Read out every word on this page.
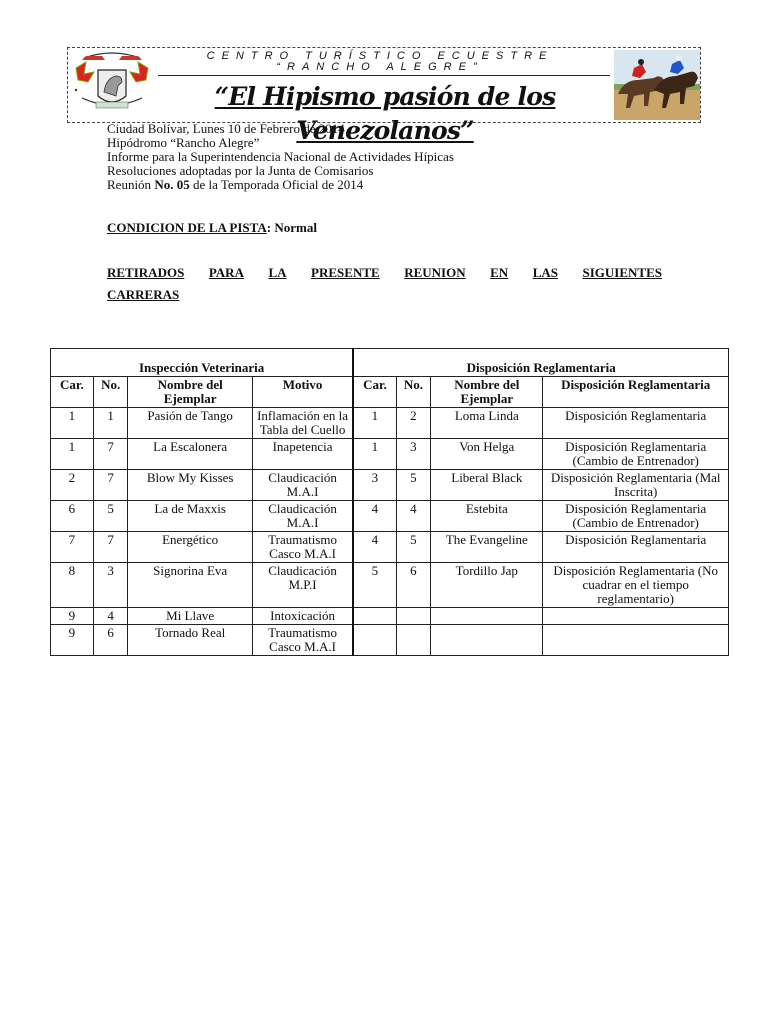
CENTRO TURÍSTICO ECUESTRE
“RANCHO ALEGRE”
“El Hipismo pasión de los Venezolanos”
Ciudad Bolívar, Lunes 10 de Febrero de 2014
Hipódromo “Rancho Alegre”
Informe para la Superintendencia Nacional de Actividades Hípicas
Resoluciones adoptadas por la Junta de Comisarios
Reunión No. 05 de la Temporada Oficial de 2014
CONDICION DE LA PISTA: Normal
RETIRADOS PARA LA PRESENTE REUNION EN LAS SIGUIENTES
CARRERAS
Inspección Veterinaria				Disposición Reglamentaria			
Car.	No.	Nombre del Ejemplar	Motivo	Car.	No.	Nombre del Ejemplar	Disposición Reglamentaria
1	1	Pasión de Tango	Inflamación en la Tabla del Cuello	1	2	Loma Linda	Disposición Reglamentaria
1	7	La Escalonera	Inapetencia	1	3	Von Helga	Disposición Reglamentaria (Cambio de Entrenador)
2	7	Blow My Kisses	Claudicación M.A.I	3	5	Liberal Black	Disposición Reglamentaria (Mal Inscrita)
6	5	La de Maxxis	Claudicación M.A.I	4	4	Estebita	Disposición Reglamentaria (Cambio de Entrenador)
7	7	Energético	Traumatismo Casco M.A.I	4	5	The Evangeline	Disposición Reglamentaria
8	3	Signorina Eva	Claudicación M.P.I	5	6	Tordillo Jap	Disposición Reglamentaria (No cuadrar en el tiempo reglamentario)
9	4	Mi Llave	Intoxicación				
9	6	Tornado Real	Traumatismo Casco M.A.I				
